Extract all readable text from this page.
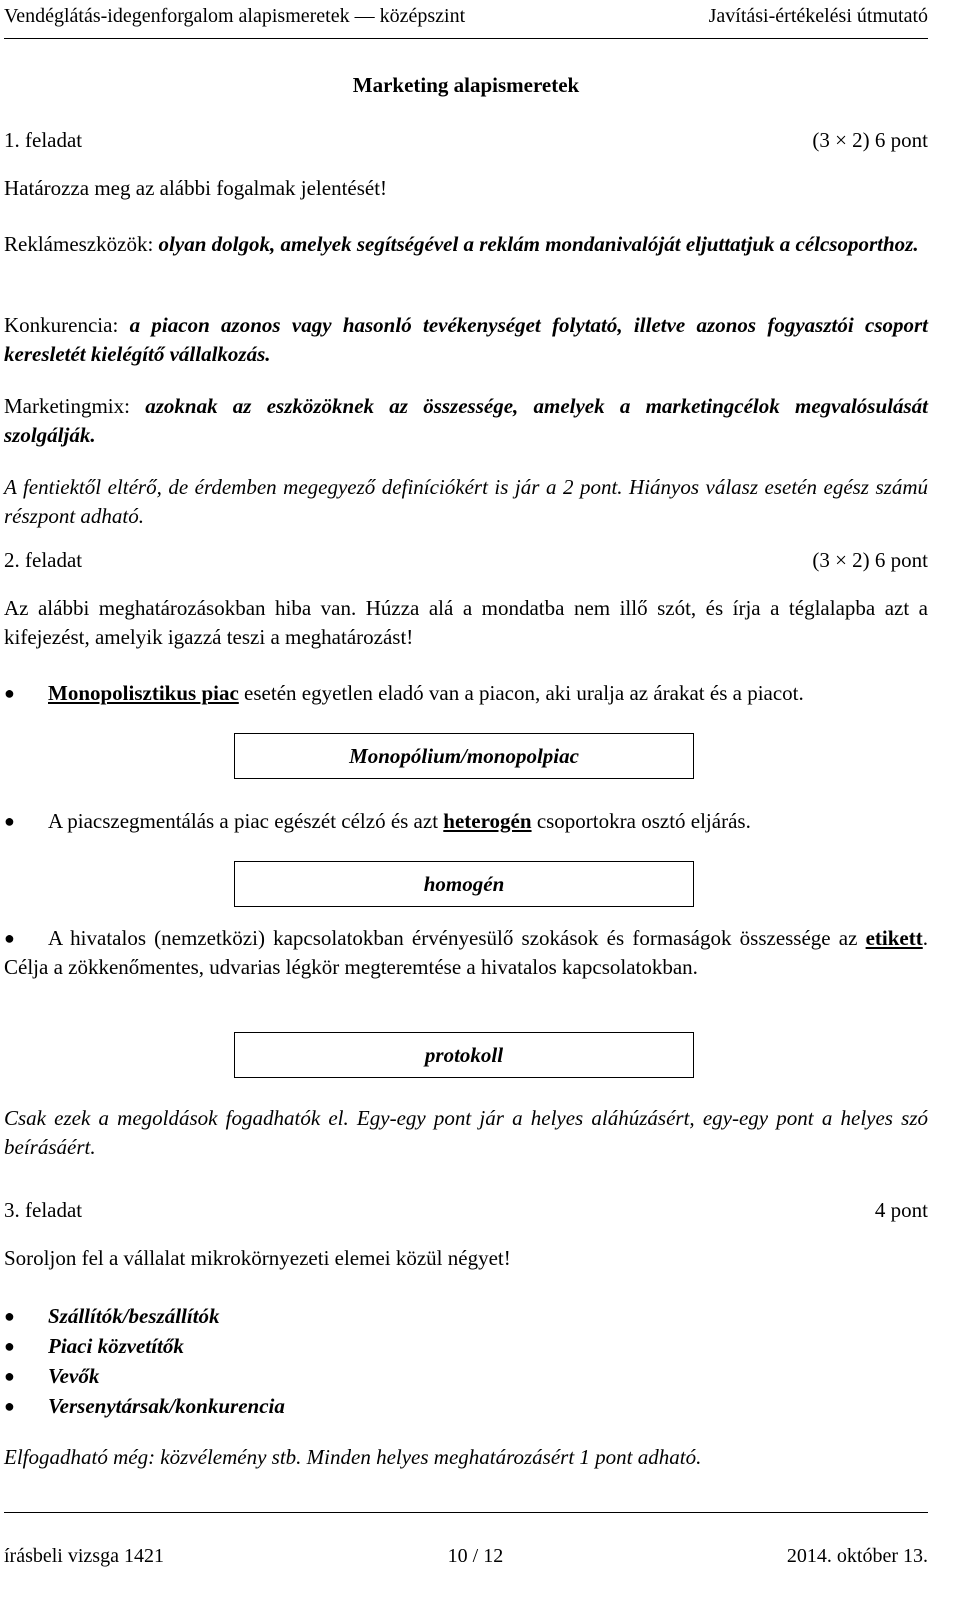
Vendéglátás-idegenforgalom alapismeretek — középszint	Javítási-értékelési útmutató
Marketing alapismeretek
1. feladat	(3 × 2) 6 pont
Határozza meg az alábbi fogalmak jelentését!
Reklámeszközök: olyan dolgok, amelyek segítségével a reklám mondanivalóját eljuttatjuk a célcsoporthoz.
Konkurencia: a piacon azonos vagy hasonló tevékenységet folytató, illetve azonos fogyasztói csoport keresletét kielégítő vállalkozás.
Marketingmix: azoknak az eszközöknek az összessége, amelyek a marketingcélok megvalósulását szolgálják.
A fentiektől eltérő, de érdemben megegyező definíciókért is jár a 2 pont. Hiányos válasz esetén egész számú részpont adható.
2. feladat	(3 × 2) 6 pont
Az alábbi meghatározásokban hiba van. Húzza alá a mondatba nem illő szót, és írja a téglalapba azt a kifejezést, amelyik igazzá teszi a meghatározást!
● Monopolisztikus piac esetén egyetlen eladó van a piacon, aki uralja az árakat és a piacot.
Monopólium/monopolpiac
● A piacszegmentálás a piac egészét célzó és azt heterogén csoportokra osztó eljárás.
homogén
●	A hivatalos (nemzetközi) kapcsolatokban érvényesülő szokások és formaságok összessége az etikett. Célja a zökkenőmentes, udvarias légkör megteremtése a hivatalos kapcsolatokban.
protokoll
Csak ezek a megoldások fogadhatók el. Egy-egy pont jár a helyes aláhúzásért, egy-egy pont a helyes szó beírásáért.
3. feladat	4 pont
Soroljon fel a vállalat mikrokörnyezeti elemei közül négyet!
● Szállítók/beszállítók
● Piaci közvetítők
● Vevők
● Versenytársak/konkurencia
Elfogadható még: közvélemény stb. Minden helyes meghatározásért 1 pont adható.
írásbeli vizsga 1421	10 / 12	2014. október 13.
